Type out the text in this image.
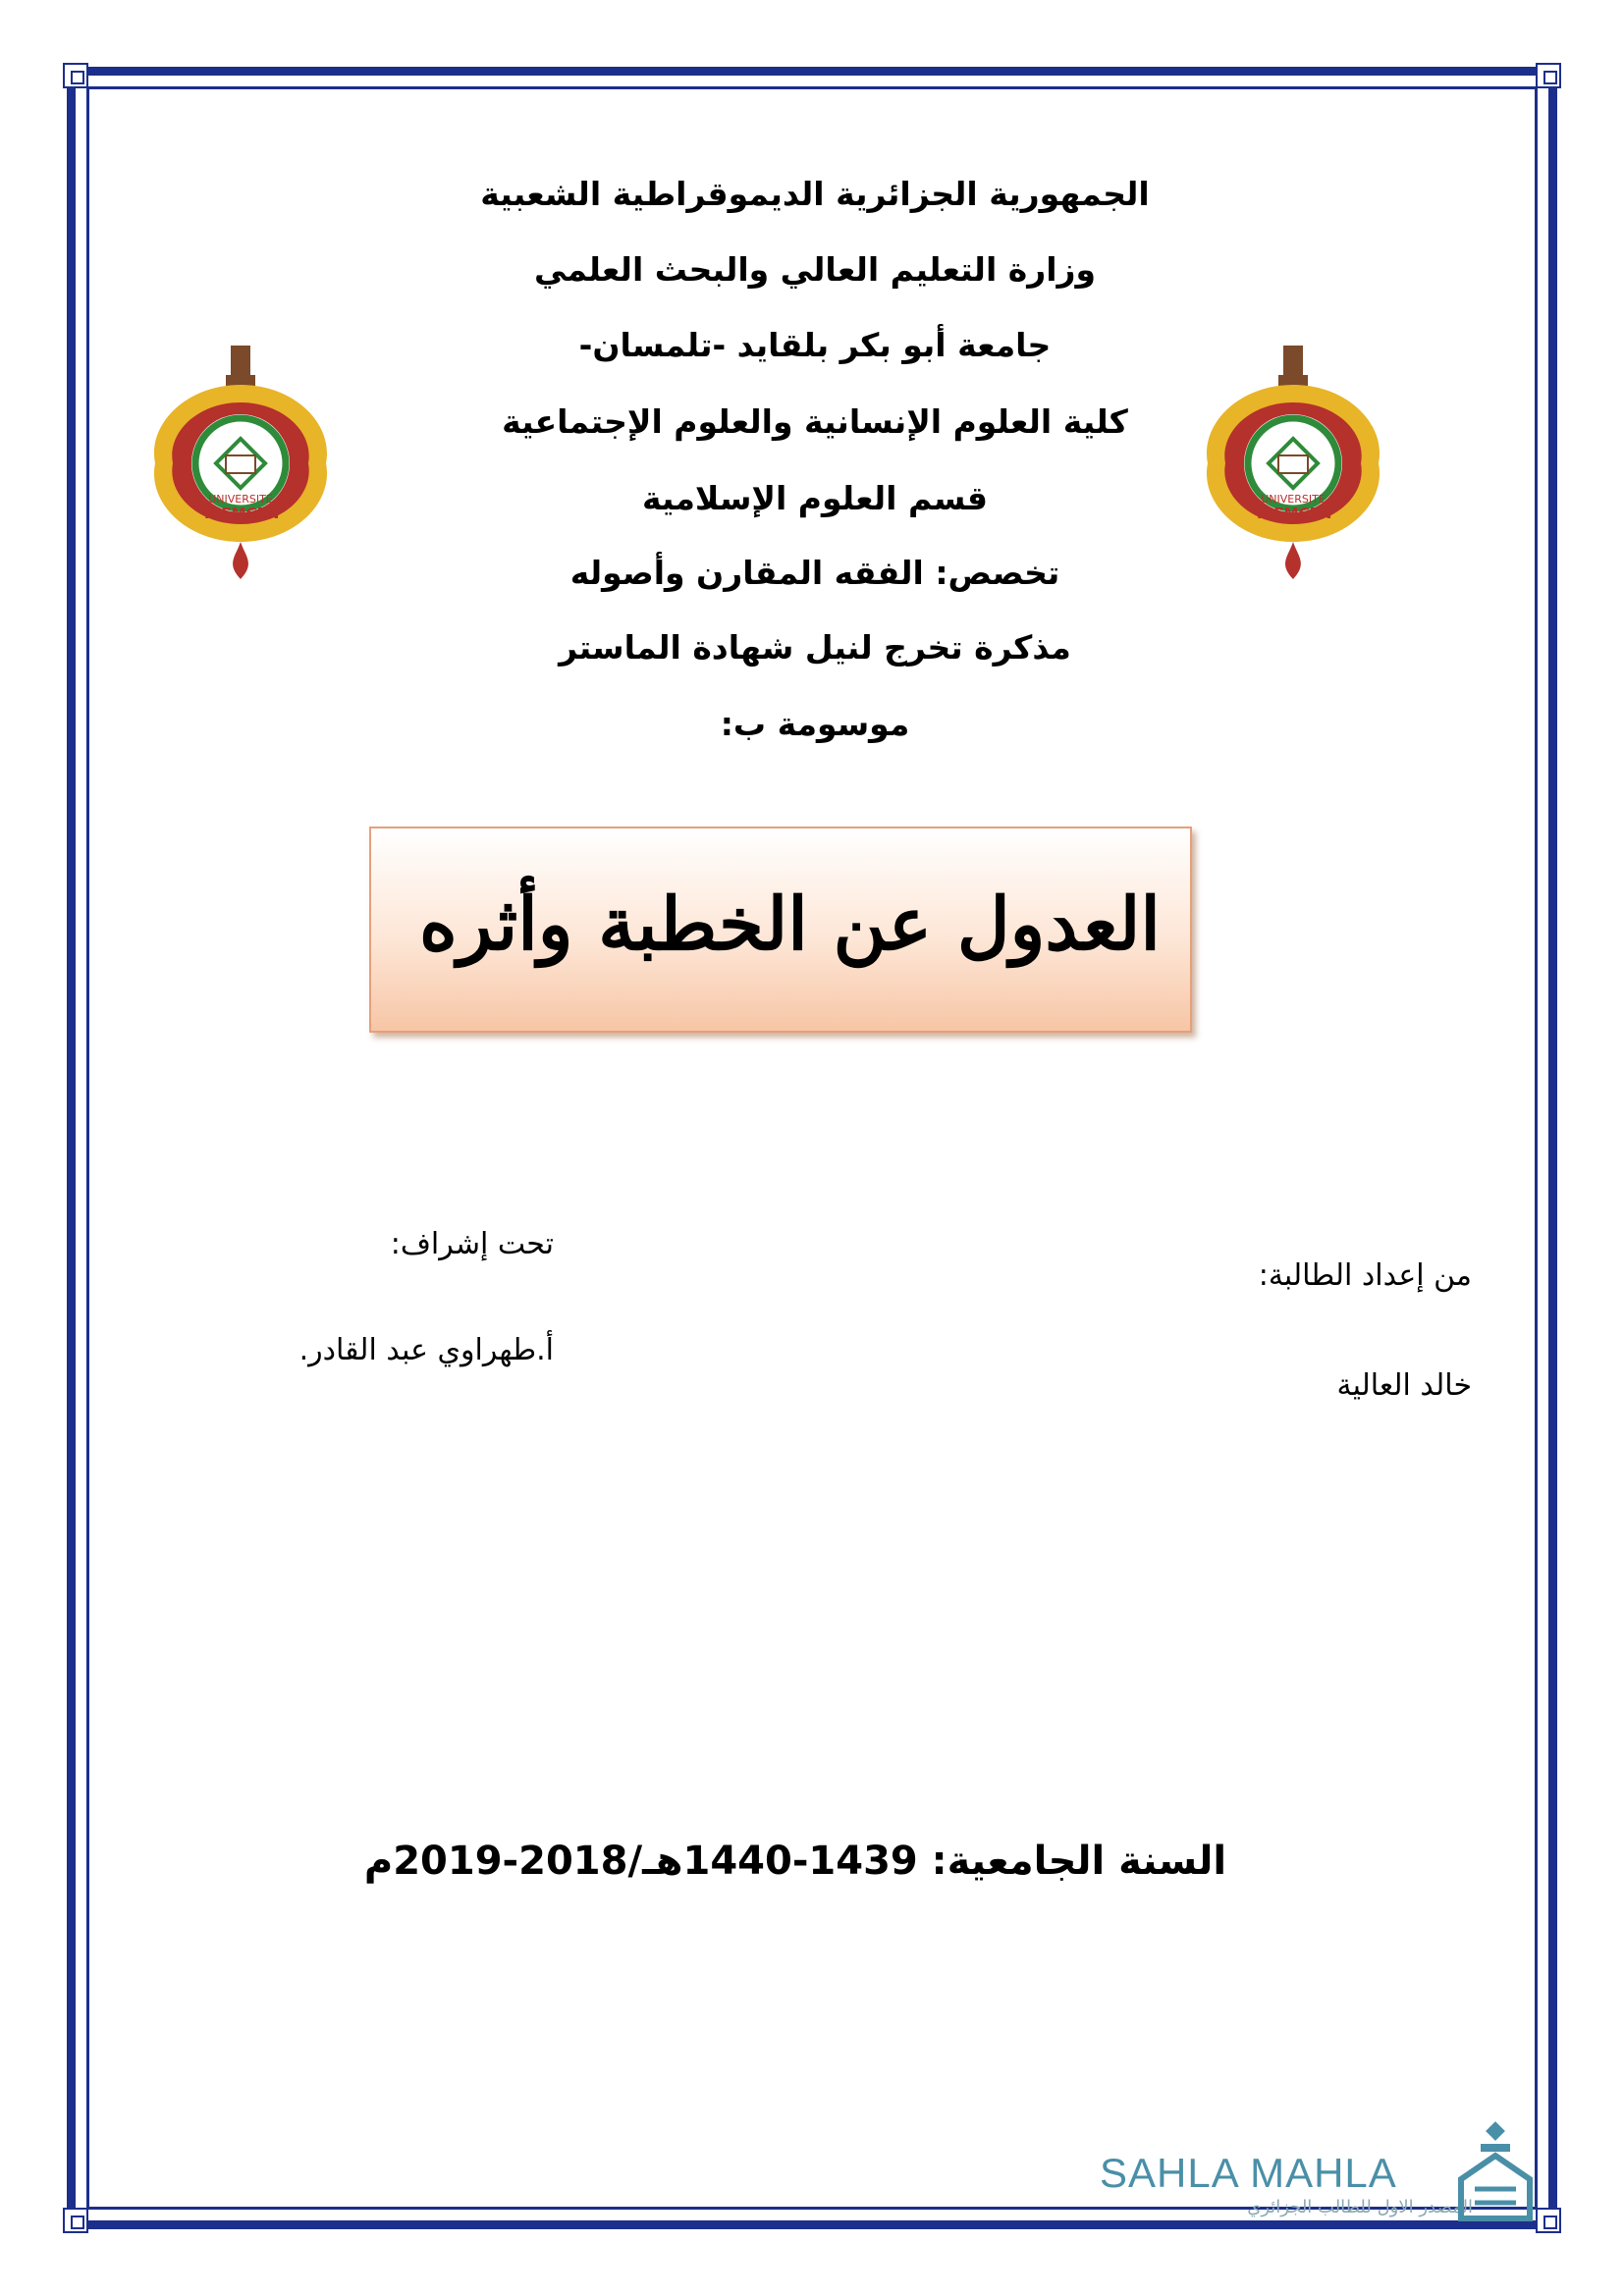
الجمهورية الجزائرية الديموقراطية الشعبية
وزارة التعليم العالي والبحث العلمي
جامعة أبو بكر بلقايد -تلمسان-
كلية العلوم الإنسانية والعلوم الإجتماعية
قسم العلوم الإسلامية
تخصص: الفقه المقارن وأصوله
مذكرة تخرج لنيل شهادة الماستر
موسومة ب:
UNIVERSITE
TLEMCEN
UNIVERSITE
TLEMCEN
العدول عن الخطبة وأثره
من إعداد الطالبة:
خالد العالية
تحت إشراف:
أ.طهراوي عبد القادر.
السنة الجامعية: 1439-1440هـ/2018-2019م
SAHLA MAHLA
المصدر الاول للطالب الجزائري
